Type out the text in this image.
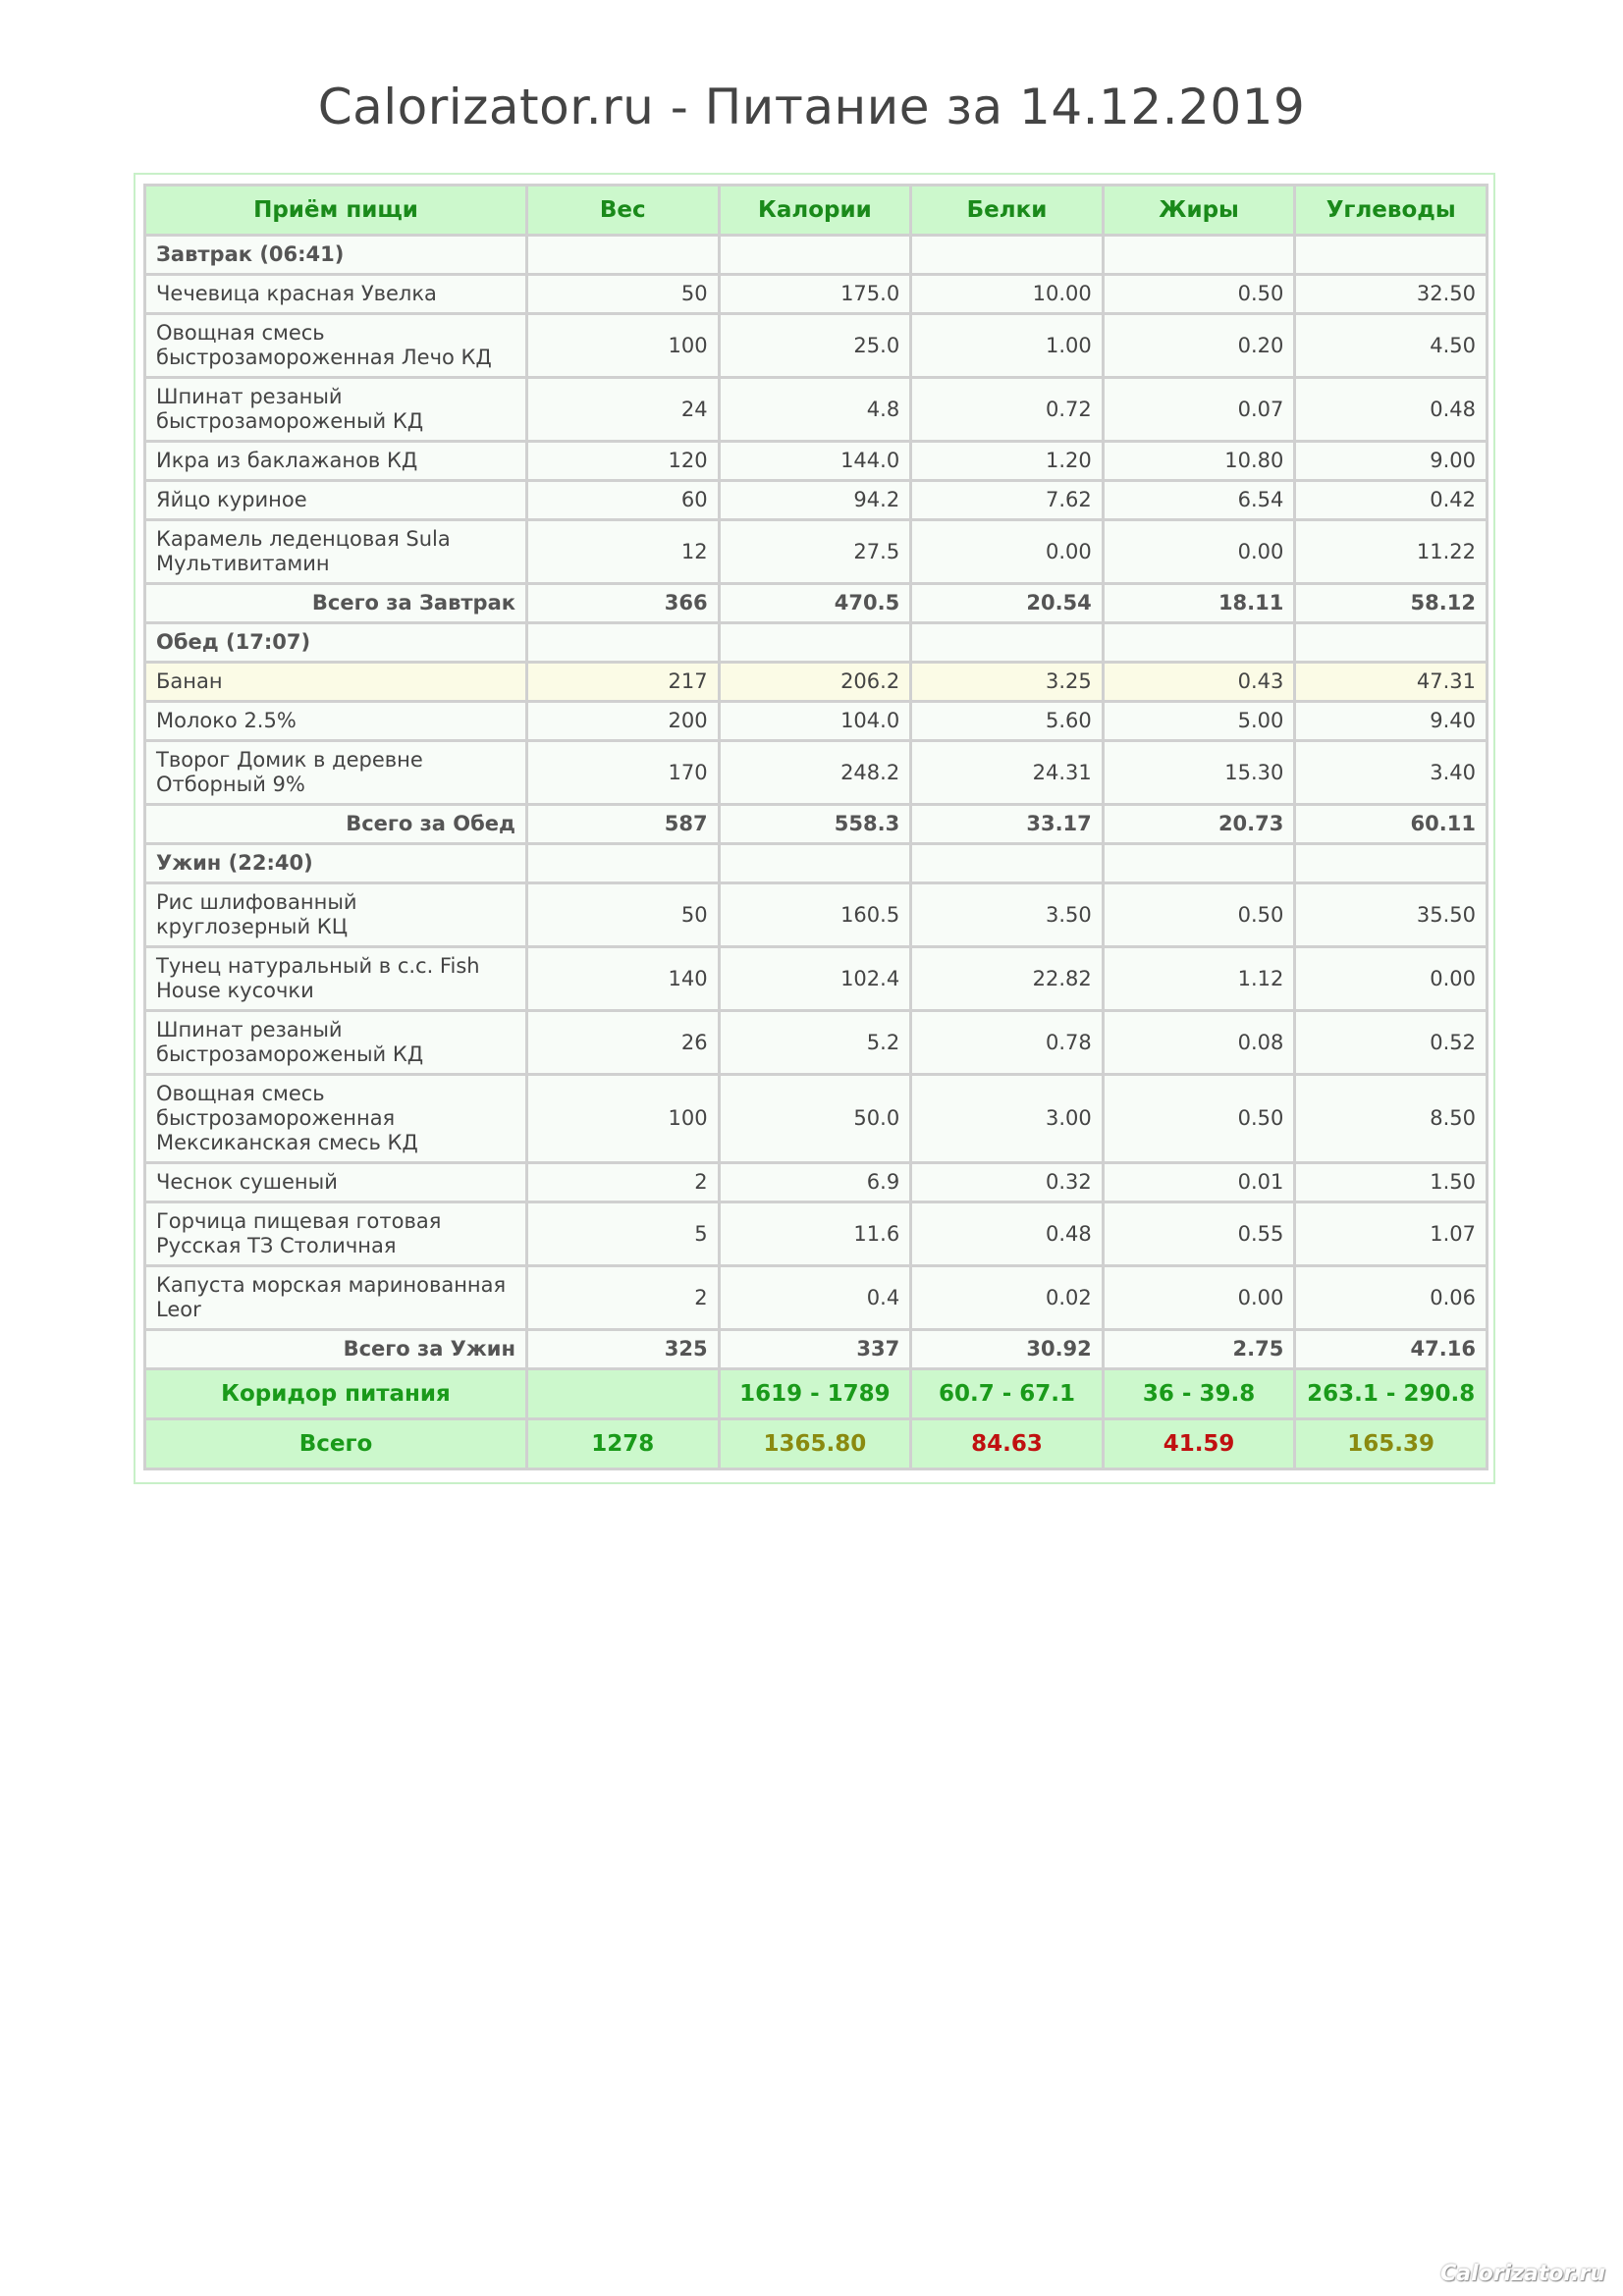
Calorizator.ru - Питание за 14.12.2019
Приём пищи	Вес	Калории	Белки	Жиры	Углеводы
Завтрак (06:41)					
Чечевица красная Увелка	50	175.0	10.00	0.50	32.50
Овощная смесь быстрозамороженная Лечо КД	100	25.0	1.00	0.20	4.50
Шпинат резаный быстрозамороженый КД	24	4.8	0.72	0.07	0.48
Икра из баклажанов КД	120	144.0	1.20	10.80	9.00
Яйцо куриное	60	94.2	7.62	6.54	0.42
Карамель леденцовая Sula Мультивитамин	12	27.5	0.00	0.00	11.22
Всего за Завтрак	366	470.5	20.54	18.11	58.12
Обед (17:07)					
Банан	217	206.2	3.25	0.43	47.31
Молоко 2.5%	200	104.0	5.60	5.00	9.40
Творог Домик в деревне Отборный 9%	170	248.2	24.31	15.30	3.40
Всего за Обед	587	558.3	33.17	20.73	60.11
Ужин (22:40)					
Рис шлифованный круглозерный КЦ	50	160.5	3.50	0.50	35.50
Тунец натуральный в с.с. Fish House кусочки	140	102.4	22.82	1.12	0.00
Шпинат резаный быстрозамороженый КД	26	5.2	0.78	0.08	0.52
Овощная смесь быстрозамороженная Мексиканская смесь КД	100	50.0	3.00	0.50	8.50
Чеснок сушеный	2	6.9	0.32	0.01	1.50
Горчица пищевая готовая Русская ТЗ Столичная	5	11.6	0.48	0.55	1.07
Капуста морская маринованная Leor	2	0.4	0.02	0.00	0.06
Всего за Ужин	325	337	30.92	2.75	47.16
Коридор питания		1619 - 1789	60.7 - 67.1	36 - 39.8	263.1 - 290.8
Всего	1278	1365.80	84.63	41.59	165.39
Calorizator.ru
